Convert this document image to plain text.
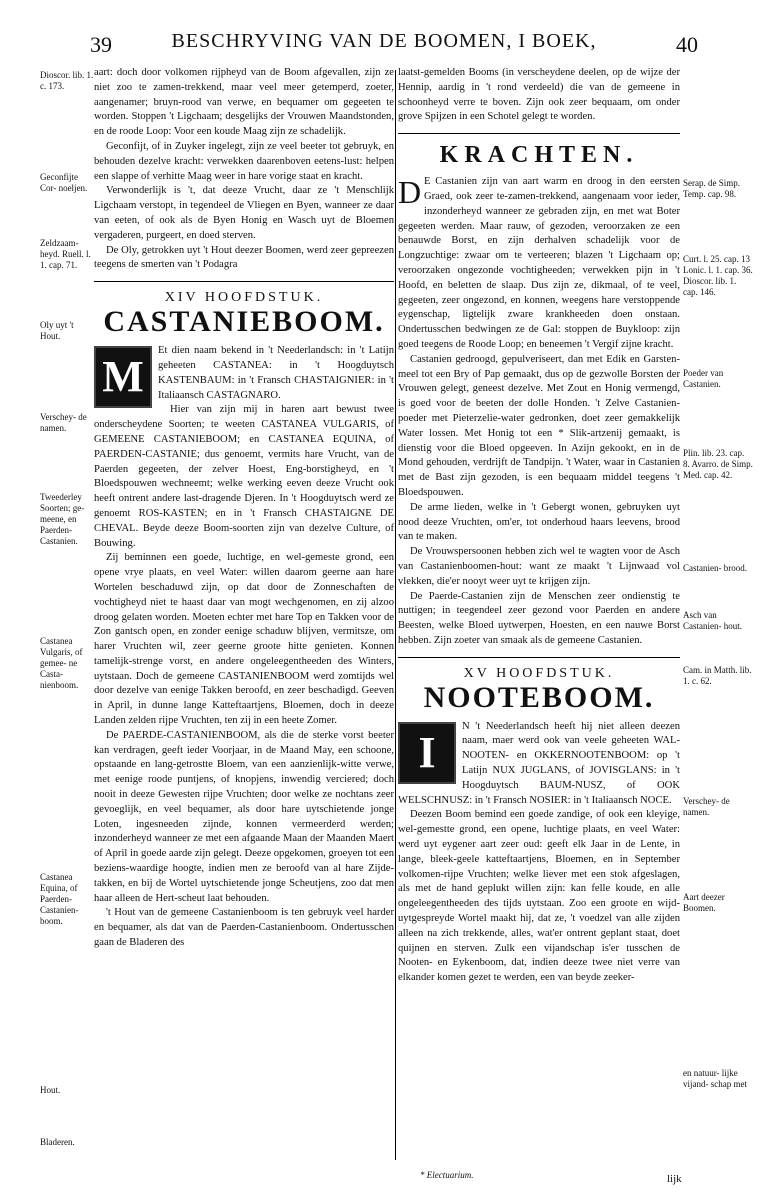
39	BESCHRYVING VAN DE BOOMEN, I BOEK,	40
Dioscor. lib. 1. c. 173.
Geconfijte Cor- noeljen.
Zeldzaam- heyd. Ruell. l. 1. cap. 71.
Oly uyt 't Hout.
Verschey- de namen.
Tweederley Soorten; ge- meene, en Paerden- Castanien.
Castanea Vulgaris, of gemee- ne Casta- nienboom.
Castanea Equina, of Paerden- Castanien- boom.
Hout.
Bladeren.
Serap. de Simp. Temp. cap. 98.
Curt. l. 25. cap. 13 Lonic. l. 1. cap. 36. Dioscor. lib. 1. cap. 146.
Poeder van Castanien.
Plin. lib. 23. cap. 8. Avarro. de Simp. Med. cap. 42.
Castanien- brood.
Asch van Castanien- hout.
Cam. in Matth. lib. 1. c. 62.
Verschey- de namen.
Aart deezer Boomen.
en natuur- lijke vijand- schap met

aart: doch door volkomen rijpheyd van de Boom afgevallen, zijn ze niet zoo te zamen-trekkend, maar veel meer getemperd, zoeter, aangenamer; bruyn-rood van verwe, en bequamer om gegeeten te worden. Stoppen 't Ligchaam; desgelijks der Vrouwen Maandstonden, en de roode Loop: Voor een koude Maag zijn ze schadelijk.

Geconfijt, of in Zuyker ingelegt, zijn ze veel beeter tot gebruyk, en behouden dezelve kracht: verwekken daarenboven eetens-lust: helpen een slappe of verhitte Maag weer in hare vorige staat en kracht.

Verwonderlijk is 't, dat deeze Vrucht, daar ze 't Menschlijk Ligchaam verstopt, in tegendeel de Vliegen en Byen, wanneer ze daar van eeten, of ook als de Byen Honig en Wasch uyt de Bloemen vergaderen, purgeert, en doed sterven.

De Oly, getrokken uyt 't Hout deezer Boomen, werd zeer gepreezen teegens de smerten van 't Podagra

XIV HOOFDSTUK.
CASTANIEBOOM.
M

Et dien naam bekend in 't Neederlandsch: in 't Latijn geheeten CASTANEA: in 't Hoogduytsch KASTENBAUM: in 't Fransch CHASTAIGNIER: in 't Italiaansch CASTAGNARO.

Hier van zijn mij in haren aart bewust twee onderscheydene Soorten; te weeten CASTANEA VULGARIS, of GEMEENE CASTANIEBOOM; en CASTANEA EQUINA, of PAERDEN-CASTANIE; dus genoemt, vermits hare Vrucht, van de Paerden gegeeten, der zelver Hoest, Eng-borstigheyd, en 't Bloedspouwen wechneemt; welke werking eeven deeze Vrucht ook heeft ontrent andere last-dragende Djeren. In 't Hoogduytsch werd ze genoemt ROS-KASTEN; en in 't Fransch CHASTAIGNE DE CHEVAL. Beyde deeze Boom-soorten zijn van dezelve Culture, of Bouwing.

Zij beminnen een goede, luchtige, en wel-gemeste grond, een opene vrye plaats, en veel Water: willen daarom geerne aan hare Wortelen beschaduwd zijn, op dat door de Zonneschaften de vochtigheyd niet te haast daar van mogt wechgenomen, en zij alzoo droog gelaten worden. Moeten echter met hare Top en Takken voor de Zon gantsch open, en zonder eenige schaduw blijven, vermitsze, om harer Vruchten wil, zeer geerne groote hitte genieten. Konnen tamelijk-strenge vorst, en andere ongeleegentheeden des Winters, uytstaan. Doch de gemeene CASTANIENBOOM werd zomtijds wel door dezelve van eenige Takken beroofd, en zeer beschadigd. Geeven in April, in dunne lange Katteftaartjens, Bloemen, doch in deeze Landen zelden rijpe Vruchten, ten zij in een heete Zomer.

De PAERDE-CASTANIENBOOM, als die de sterke vorst beeter kan verdragen, geeft ieder Voorjaar, in de Maand May, een schoone, opstaande en lang-getrostte Bloem, van een aanzienlijk-witte verwe, met eenige roode puntjens, of knopjens, inwendig verciered; doch nooit in deeze Gewesten rijpe Vruchten; door welke ze nochtans zeer gevoeglijk, en veel bequamer, als door hare uytschietende jonge Loten, ingesneeden zijnde, konnen vermeerderd werden; inzonderheyd wanneer ze met een afgaande Maan der Maanden Maert of April in goede aarde zijn gelegt. Deeze opgekomen, groeyen tot een beziens-waardige hoogte, indien men ze beroofd van al hare Zijde-takken, en bij de Wortel uytschietende jonge Scheutjens, zoo dat men haar alleen de Hert-scheut laat behouden.

't Hout van de gemeene Castanienboom is ten gebruyk veel harder en bequamer, als dat van de Paerden-Castanienboom. Ondertusschen gaan de Bladeren des

laatst-gemelden Booms (in verscheydene deelen, op de wijze der Hennip, aardig in 't rond verdeeld) die van de gemeene in schoonheyd verre te boven. Zijn ook zeer bequaam, om onder grove Spijzen in een Schotel gelegt te worden.

KRACHTEN.
D E Castanien zijn van aart warm en droog in den eersten Graed, ook zeer te-zamen-trekkend, aangenaam voor ieder, inzonderheyd wanneer ze gebraden zijn, en met wat Boter gegeeten werden. Maar rauw, of gezoden, veroorzaken ze een benauwde Borst, en zijn derhalven schadelijk voor de Longzuchtige: zwaar om te verteeren; blazen 't Ligchaam op; veroorzaken ongezonde vochtigheeden; verwekken pijn in 't Hoofd, en beletten de slaap. Dus zijn ze, dikmaal, of te veel, gegeeten, zeer ongezond, en konnen, weegens hare verstoppende eygenschap, ligtelijk zware krankheeden doen onstaan. Ondertusschen bedwingen ze de Gal: stoppen de Buykloop: zijn goed teegens de Roode Loop; en beneemen 't Vergif zijne kracht.

Castanien gedroogd, gepulveriseert, dan met Edik en Garsten-meel tot een Bry of Pap gemaakt, dus op de gezwolle Borsten der Vrouwen gelegt, geneest dezelve. Met Zout en Honig vermengd, is goed voor de beeten der dolle Honden. 't Zelve Castanien-poeder met Pieterzelie-water gedronken, doet zeer gemakkelijk Water lossen. Met Honig tot een * Slik-artzenij gemaakt, is dienstig voor die Bloed opgeeven. In Azijn gekookt, en in de Mond gehouden, verdrijft de Tandpijn. 't Water, waar in Castanien met de Bast zijn gezoden, is een bequaam middel teegens 't Bloedspouwen.

De arme lieden, welke in 't Gebergt wonen, gebruyken uyt nood deeze Vruchten, om'er, tot onderhoud haars leevens, brood van te maken.

De Vrouwspersoonen hebben zich wel te wagten voor de Asch van Castanienboomen-hout: want ze maakt 't Lijnwaad vol vlekken, die'er nooyt weer uyt te krijgen zijn.

De Paerde-Castanien zijn de Menschen zeer ondienstig te nuttigen; in teegendeel zeer gezond voor Paerden en andere Beesten, welke Bloed uytwerpen, Hoesten, en een nauwe Borst hebben. Zijn zoeter van smaak als de gemeene Castanien.

XV HOOFDSTUK.
NOOTEBOOM.
I

N 't Neederlandsch heeft hij niet alleen deezen naam, maer werd ook van veele geheeten WAL-NOOTEN- en OKKERNOOTENBOOM: op 't Latijn NUX JUGLANS, of JOVISGLANS: in 't Hoogduytsch BAUM-NUSZ, of OOK WELSCHNUSZ: in 't Fransch NOSIER: in 't Italiaansch NOCE.

Deezen Boom bemind een goede zandige, of ook een kleyige, wel-gemestte grond, een opene, luchtige plaats, en veel Water: werd uyt eygener aart zeer oud: geeft elk Jaar in de Lente, in lange, bleek-geele katteftaartjens, Bloemen, en in September volkomen-rijpe Vruchten; welke liever met een stok afgeslagen, als met de hand geplukt willen zijn: kan felle koude, en alle ongeleegentheeden des tijds uytstaan. Zoo een groote en wijd-uytgespreyde Wortel maakt hij, dat ze, 't voedzel van alle zijden alleen na zich trekkende, alles, wat'er ontrent geplant staat, doet quijnen en sterven. Zulk een vijandschap is'er tusschen de Nooten- en Eykenboom, dat, indien deeze twee niet verre van elkander komen gezet te werden, een van beyde zeeker-

* Electuarium.	lijk
